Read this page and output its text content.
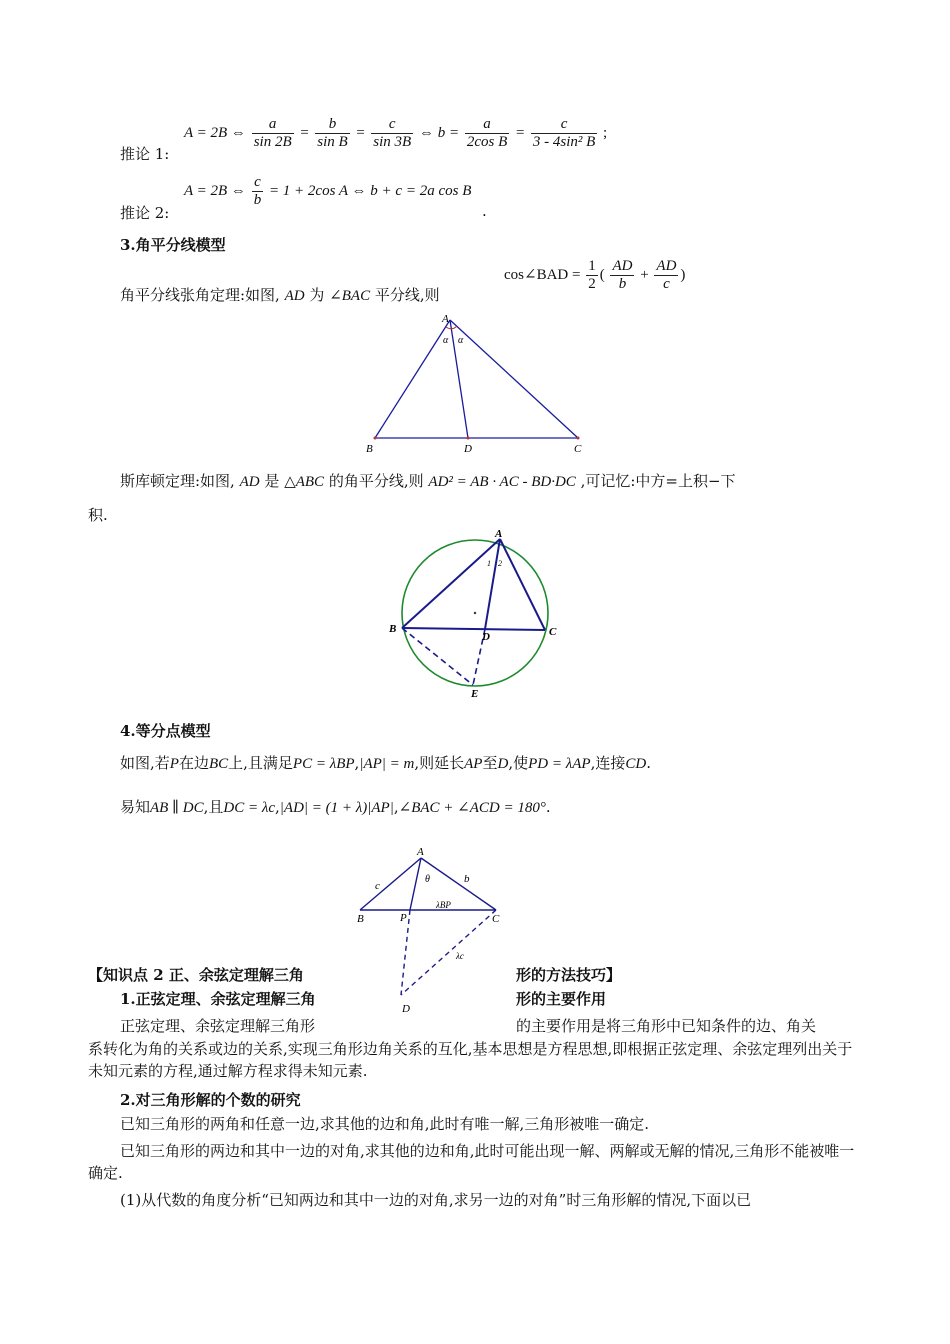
推论 1:
A = 2B ⇔ $\frac{a}{\sin 2B} = \frac{b}{\text{sin B}} = \frac{c}{\sin 3B}$ ⇔ $b = \frac{a}{\text{2cos B}} = \frac{c}{\text{3 - 4sin² B}}$ ;
推论 2:
A = 2B ⇔ $\frac{c}{b} = 1 + 2\cos$ A ⇔ b + c = 2a cos B
.
3.角平分线模型
角平分线张角定理:如图, AD 为 ∠BAC 平分线,则
cos∠BAD = $\frac{1}{2}$ ( $\frac{AD}{b} + \frac{AD}{c}$ )
A
B	D	C
α α
斯库顿定理:如图, AD 是 △ABC 的角平分线,则 AD² = AB · AC - BD·DC ,可记忆:中方=上积−下
积.
A
B	C
D
E
1 2
4.等分点模型
如图,若P在边BC上,且满足PC = λBP,|AP| = m,则延长AP至D,使PD = λAP,连接CD.
易知AB ∥ DC,且DC = λc,|AD| = (1 + λ)|AP|,∠BAC + ∠ACD = 180°.
A
B	P	C
D
c
b
θ
λBP
λc
【知识点 2 正、余弦定理解三角	形的方法技巧】
1.正弦定理、余弦定理解三角	形的主要作用
正弦定理、余弦定理解三角形	的主要作用是将三角形中已知条件的边、角关
系转化为角的关系或边的关系,实现三角形边角关系的互化,基本思想是方程思想,即根据正弦定理、余弦定理列出关于未知元素的方程,通过解方程求得未知元素.
2.对三角形解的个数的研究
已知三角形的两角和任意一边,求其他的边和角,此时有唯一解,三角形被唯一确定.
已知三角形的两边和其中一边的对角,求其他的边和角,此时可能出现一解、两解或无解的情况,三角形不能被唯一确定.
(1)从代数的角度分析“已知两边和其中一边的对角,求另一边的对角”时三角形解的情况,下面以已
